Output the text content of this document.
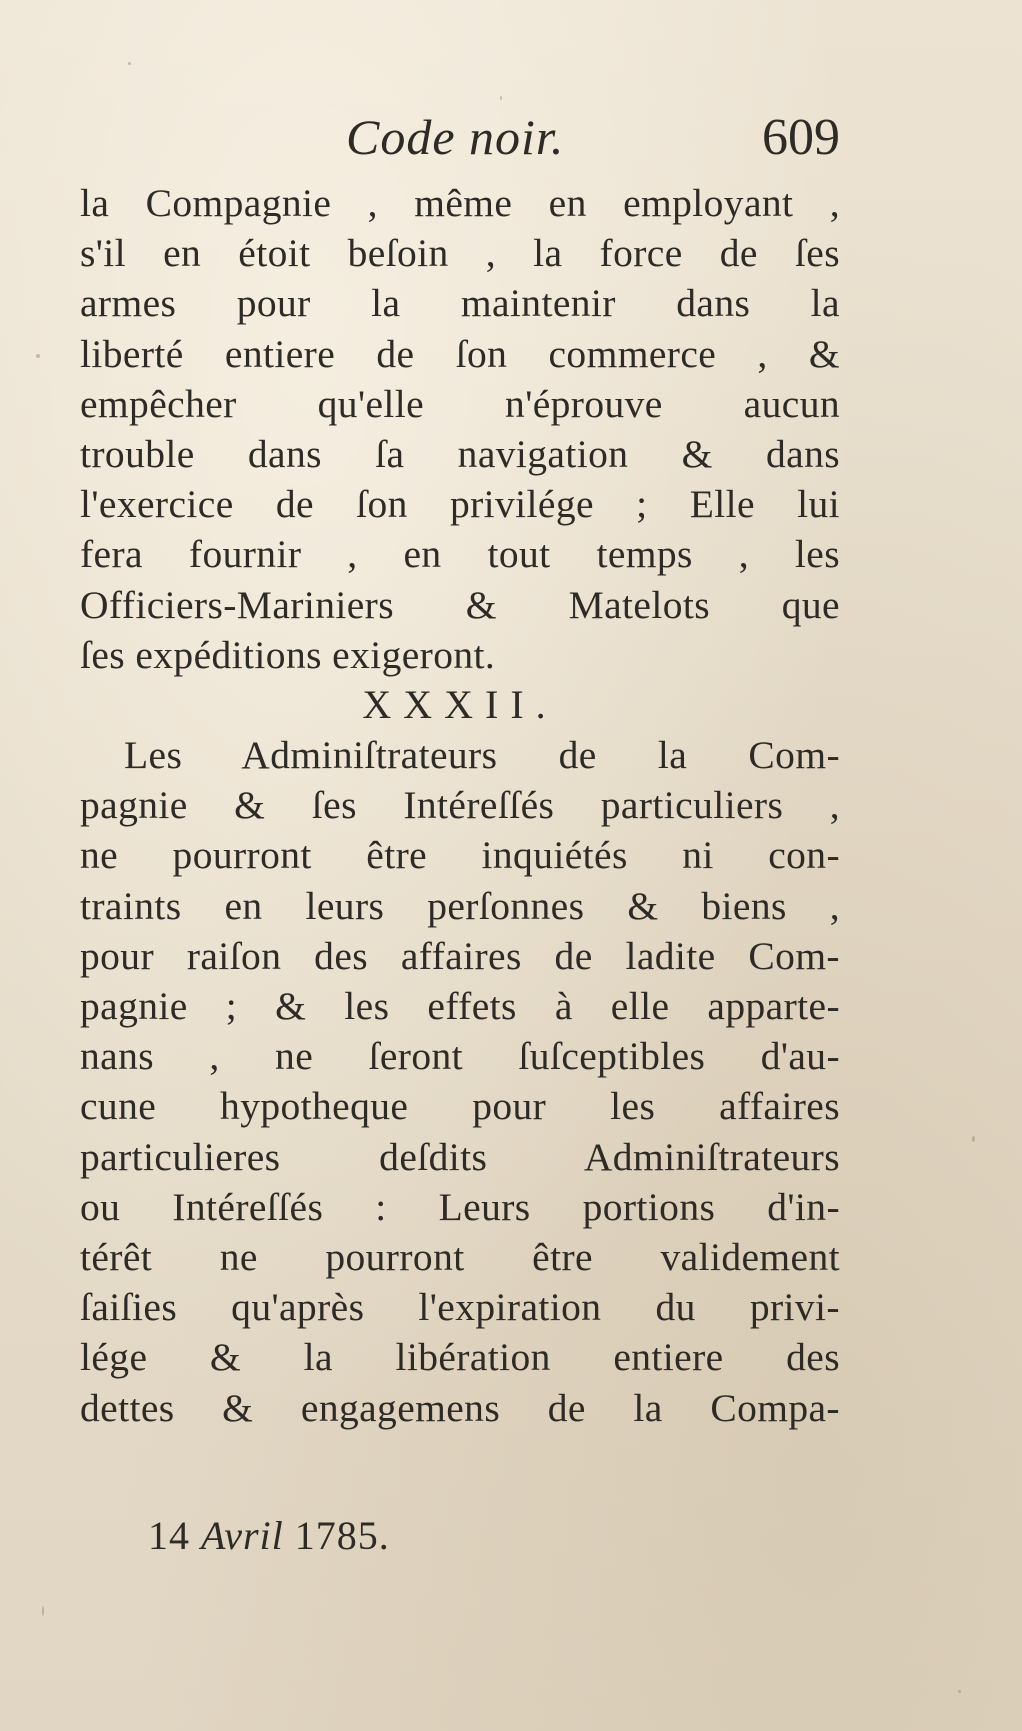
Code noir.	609
la Compagnie , même en employant ,
s'il en étoit beſoin , la force de ſes
armes pour la maintenir dans la
liberté entiere de ſon commerce , &
empêcher qu'elle n'éprouve aucun
trouble dans ſa navigation & dans
l'exercice de ſon privilége ; Elle lui
fera fournir , en tout temps , les
Officiers-Mariniers & Matelots que
ſes expéditions exigeront.
XXXII.
Les Adminiſtrateurs de la Com-
pagnie & ſes Intéreſſés particuliers ,
ne pourront être inquiétés ni con-
traints en leurs perſonnes & biens ,
pour raiſon des affaires de ladite Com-
pagnie ; & les effets à elle apparte-
nans , ne ſeront ſuſceptibles d'au-
cune hypotheque pour les affaires
particulieres deſdits Adminiſtrateurs
ou Intéreſſés : Leurs portions d'in-
térêt ne pourront être validement
ſaiſies qu'après l'expiration du privi-
lége & la libération entiere des
dettes & engagemens de la Compa-
14 Avril 1785.
